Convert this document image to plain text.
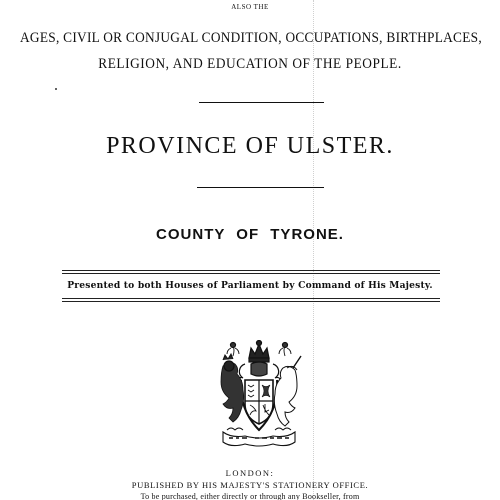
ALSO THE
AGES, CIVIL OR CONJUGAL CONDITION, OCCUPATIONS, BIRTHPLACES,
RELIGION, AND EDUCATION OF THE PEOPLE.
PROVINCE OF ULSTER.
COUNTY OF TYRONE.
Presented to both Houses of Parliament by Command of His Majesty.
LONDON:
PUBLISHED BY HIS MAJESTY'S STATIONERY OFFICE.
To be purchased, either directly or through any Bookseller, from
